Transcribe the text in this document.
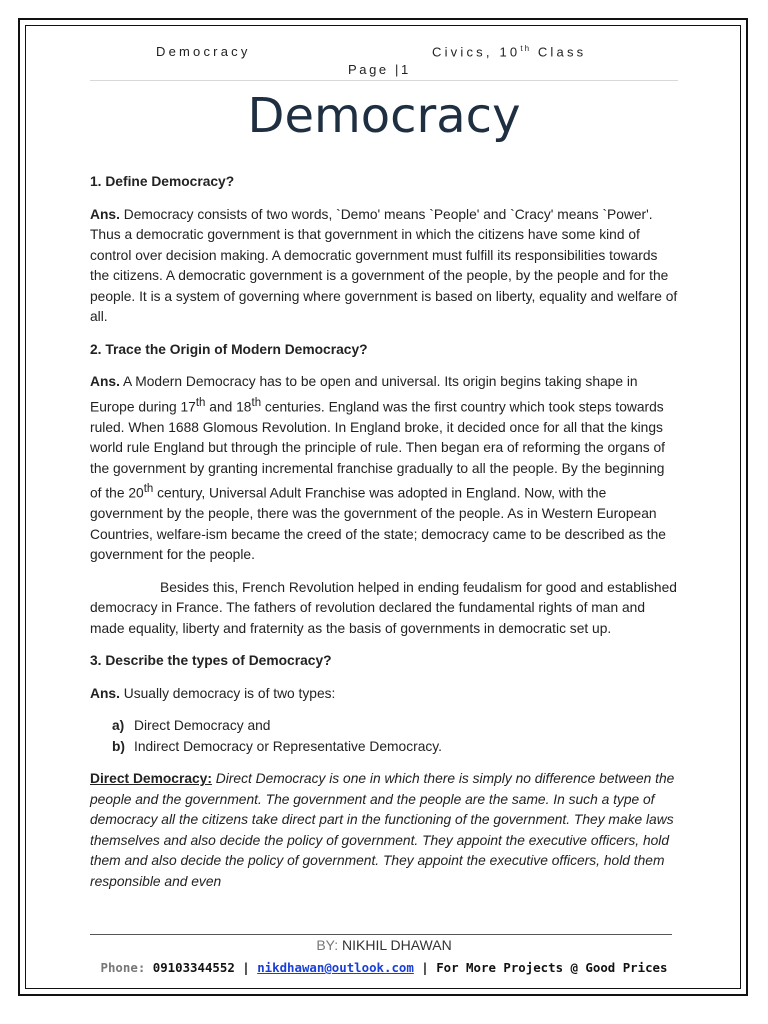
Democracy	Civics, 10th Class
Page |1
Democracy
1. Define Democracy?
Ans. Democracy consists of two words, `Demo' means `People' and `Cracy' means `Power'. Thus a democratic government is that government in which the citizens have some kind of control over decision making. A democratic government must fulfill its responsibilities towards the citizens. A democratic government is a government of the people, by the people and for the people. It is a system of governing where government is based on liberty, equality and welfare of all.
2. Trace the Origin of Modern Democracy?
Ans. A Modern Democracy has to be open and universal. Its origin begins taking shape in Europe during 17th and 18th centuries. England was the first country which took steps towards ruled. When 1688 Glomous Revolution. In England broke, it decided once for all that the kings world rule England but through the principle of rule. Then began era of reforming the organs of the government by granting incremental franchise gradually to all the people. By the beginning of the 20th century, Universal Adult Franchise was adopted in England. Now, with the government by the people, there was the government of the people. As in Western European Countries, welfare-ism became the creed of the state; democracy came to be described as the government for the people.
Besides this, French Revolution helped in ending feudalism for good and established democracy in France. The fathers of revolution declared the fundamental rights of man and made equality, liberty and fraternity as the basis of governments in democratic set up.
3. Describe the types of Democracy?
Ans. Usually democracy is of two types:
a) Direct Democracy and
b) Indirect Democracy or Representative Democracy.
Direct Democracy: Direct Democracy is one in which there is simply no difference between the people and the government. The government and the people are the same. In such a type of democracy all the citizens take direct part in the functioning of the government. They make laws themselves and also decide the policy of government. They appoint the executive officers, hold them and also decide the policy of government. They appoint the executive officers, hold them responsible and even
BY: NIKHIL DHAWAN
Phone: 09103344552 | nikdhawan@outlook.com | For More Projects @ Good Prices
